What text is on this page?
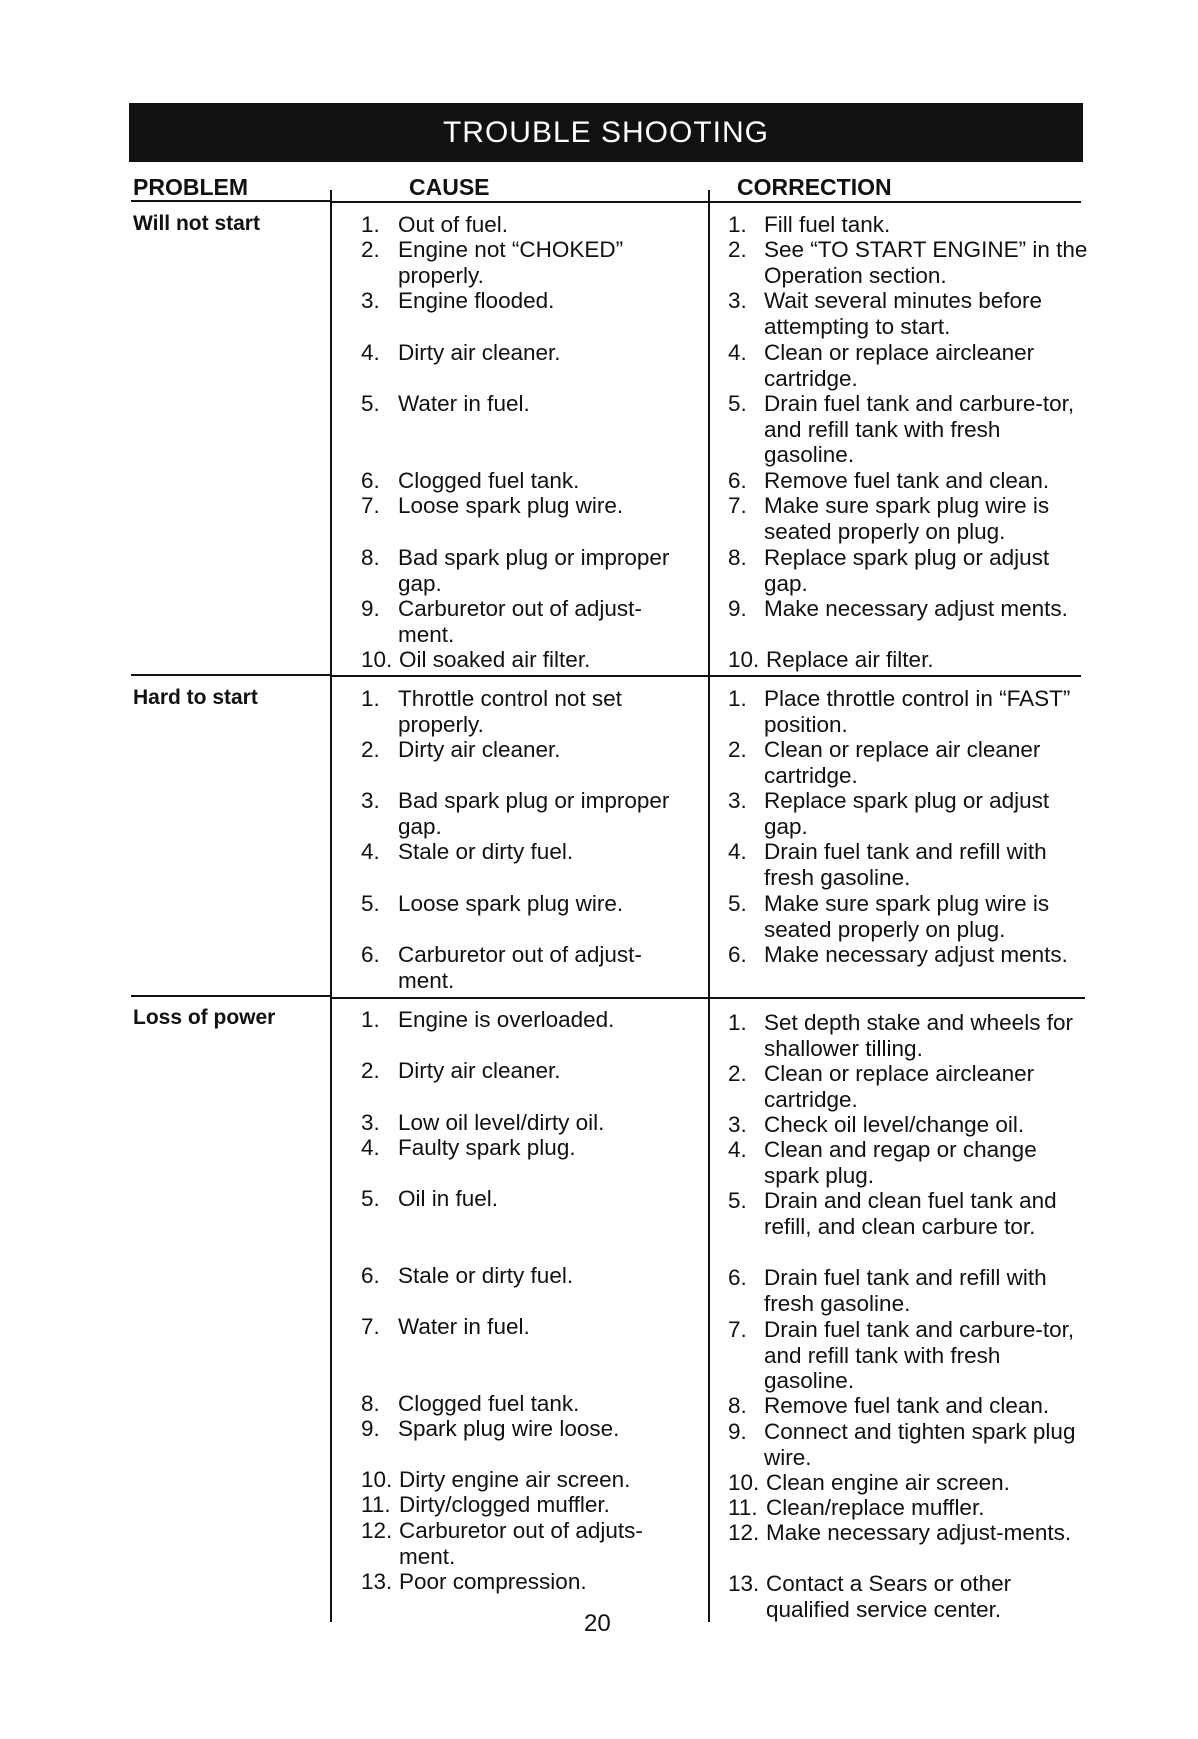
TROUBLE SHOOTING
PROBLEM	CAUSE	CORRECTION
Will not start
Hard to start
Loss of power
1. Out of fuel.
2. Engine not “CHOKED” properly.
3. Engine flooded.
4. Dirty air cleaner.
5. Water in fuel.
6. Clogged fuel tank.
7. Loose spark plug wire.
8. Bad spark plug or improper gap.
9. Carburetor out of adjust-ment.
10. Oil soaked air filter.
1. Fill fuel tank.
2. See “TO START ENGINE” in the Operation section.
3. Wait several minutes before attempting to start.
4. Clean or replace aircleaner cartridge.
5. Drain fuel tank and carbure-tor, and refill tank with fresh gasoline.
6. Remove fuel tank and clean.
7. Make sure spark plug wire is seated properly on plug.
8. Replace spark plug or adjust gap.
9. Make necessary adjust ments.
10. Replace air filter.
1. Throttle control not set properly.
2. Dirty air cleaner.
3. Bad spark plug or improper gap.
4. Stale or dirty fuel.
5. Loose spark plug wire.
6. Carburetor out of adjust-ment.
1. Place throttle control in “FAST” position.
2. Clean or replace air cleaner cartridge.
3. Replace spark plug or adjust gap.
4. Drain fuel tank and refill with fresh gasoline.
5. Make sure spark plug wire is seated properly on plug.
6. Make necessary adjust ments.
1. Engine is overloaded.
2. Dirty air cleaner.
3. Low oil level/dirty oil.
4. Faulty spark plug.
5. Oil in fuel.
6. Stale or dirty fuel.
7. Water in fuel.
8. Clogged fuel tank.
9. Spark plug wire loose.
10. Dirty engine air screen.
11. Dirty/clogged muffler.
12. Carburetor out of adjuts-ment.
13. Poor compression.
1. Set depth stake and wheels for shallower tilling.
2. Clean or replace aircleaner cartridge.
3. Check oil level/change oil.
4. Clean and regap or change spark plug.
5. Drain and clean fuel tank and refill, and clean carbure tor.
6. Drain fuel tank and refill with fresh gasoline.
7. Drain fuel tank and carbure-tor, and refill tank with fresh gasoline.
8. Remove fuel tank and clean.
9. Connect and tighten spark plug wire.
10. Clean engine air screen.
11. Clean/replace muffler.
12. Make necessary adjust-ments.
13. Contact a Sears or other qualified service center.
20
